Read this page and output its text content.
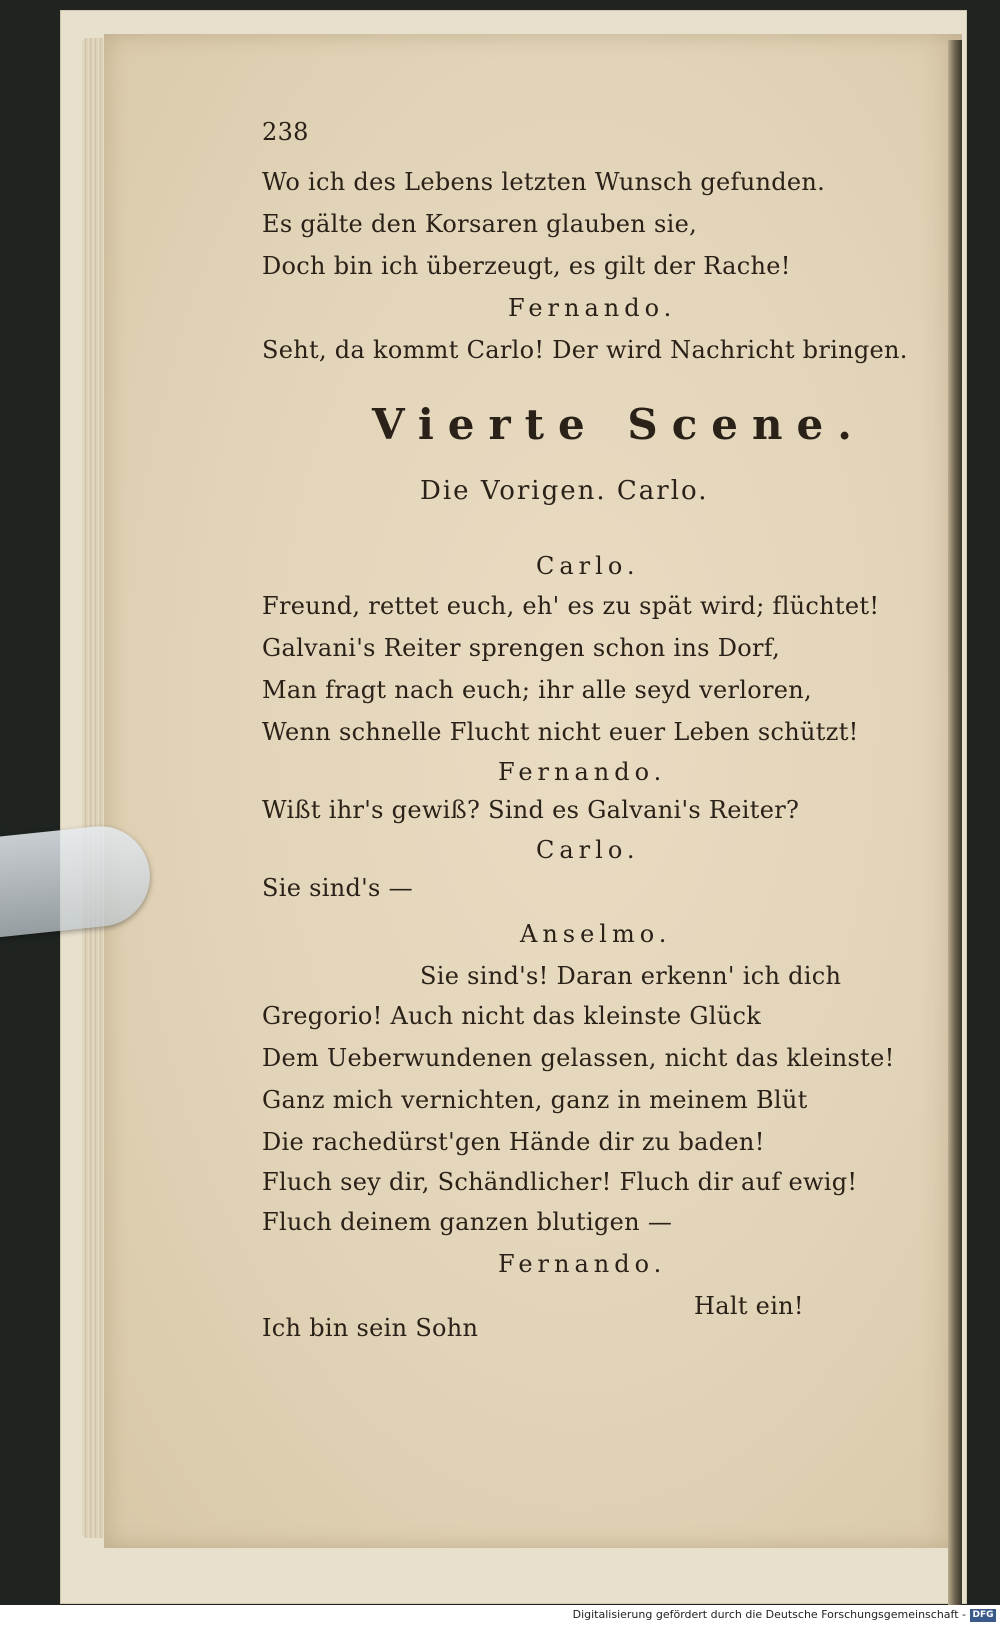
238
Wo ich des Lebens letzten Wunsch gefunden.
Es gälte den Korsaren glauben sie,
Doch bin ich überzeugt, es gilt der Rache!
Fernando.
Seht, da kommt Carlo! Der wird Nachricht bringen.
Vierte Scene.
Die Vorigen. Carlo.
Carlo.
Freund, rettet euch, eh' es zu spät wird; flüchtet!
Galvani's Reiter sprengen schon ins Dorf,
Man fragt nach euch; ihr alle seyd verloren,
Wenn schnelle Flucht nicht euer Leben schützt!
Fernando.
Wißt ihr's gewiß? Sind es Galvani's Reiter?
Carlo.
Sie sind's —
Anselmo.
Sie sind's! Daran erkenn' ich dich
Gregorio! Auch nicht das kleinste Glück
Dem Ueberwundenen gelassen, nicht das kleinste!
Ganz mich vernichten, ganz in meinem Blüt
Die rachedürst'gen Hände dir zu baden!
Fluch sey dir, Schändlicher! Fluch dir auf ewig!
Fluch deinem ganzen blutigen —
Fernando.
Halt ein!
Ich bin sein Sohn
Digitalisierung gefördert durch die Deutsche Forschungsgemeinschaft - DFG
